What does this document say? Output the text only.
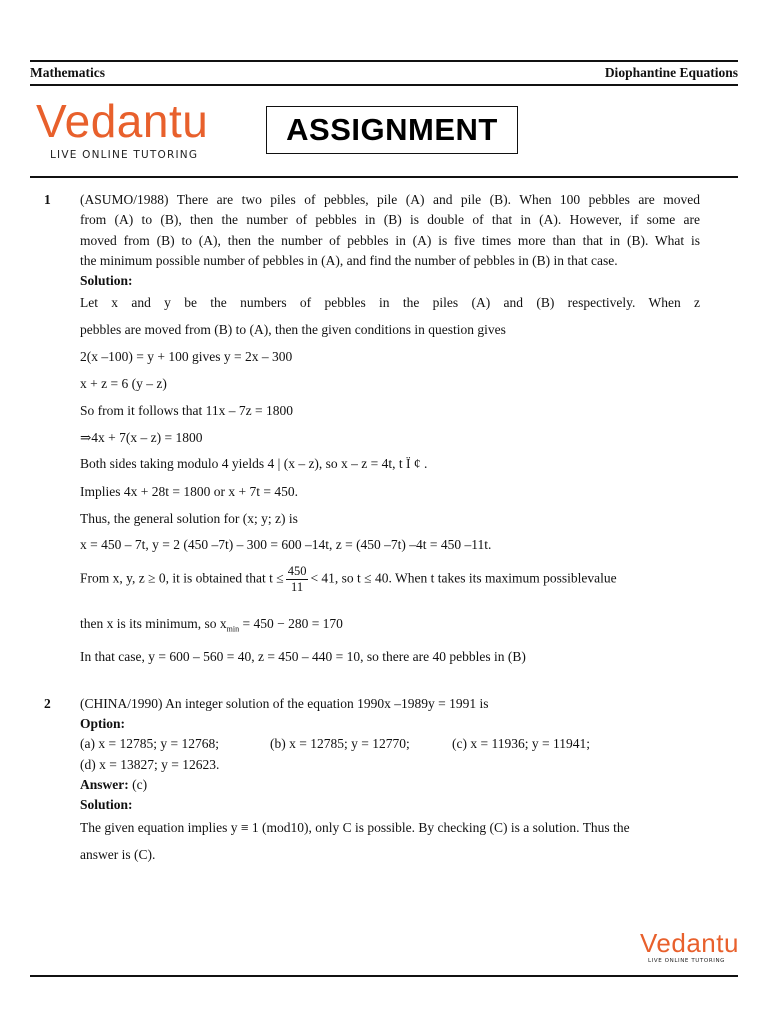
Mathematics	Diophantine Equations
Vedantu
LIVE ONLINE TUTORING
ASSIGNMENT
1 (ASUMO/1988) There are two piles of pebbles, pile (A) and pile (B). When 100 pebbles are moved
from (A) to (B), then the number of pebbles in (B) is double of that in (A). However, if some are
moved from (B) to (A), then the number of pebbles in (A) is five times more than that in (B). What is
the minimum possible number of pebbles in (A), and find the number of pebbles in (B) in that case.
Solution:
Let x and y be the numbers of pebbles in the piles (A) and (B) respectively. When z
pebbles are moved from (B) to (A), then the given conditions in question gives
2(x –100) = y + 100 gives y = 2x – 300
x + z = 6 (y – z)
So from it follows that 11x – 7z = 1800
⇒4x + 7(x – z) = 1800
Both sides taking modulo 4 yields 4 | (x – z), so x – z = 4t, t Ï ¢ .
Implies 4x + 28t = 1800 or x + 7t = 450.
Thus, the general solution for (x; y; z) is
x = 450 – 7t, y = 2 (450 –7t) – 300 = 600 –14t, z = (450 –7t) –4t = 450 –11t.
From x, y, z ≥ 0, it is obtained that $t \le \frac{450}{11} < 41$, so t ≤ 40. When t takes its maximum possiblevalue
then x is its minimum, so $x_{min} = 450 - 280 = 170$
In that case, y = 600 – 560 = 40, z = 450 – 440 = 10, so there are 40 pebbles in (B)
2 (CHINA/1990) An integer solution of the equation 1990x –1989y = 1991 is
Option:
(a) x = 12785; y = 12768;	(b) x = 12785; y = 12770;	(c) x = 11936; y = 11941;
(d) x = 13827; y = 12623.
Answer: (c)
Solution:
The given equation implies y ≡ 1 (mod10), only C is possible. By checking (C) is a solution. Thus the
answer is (C).
Vedantu
LIVE ONLINE TUTORING
